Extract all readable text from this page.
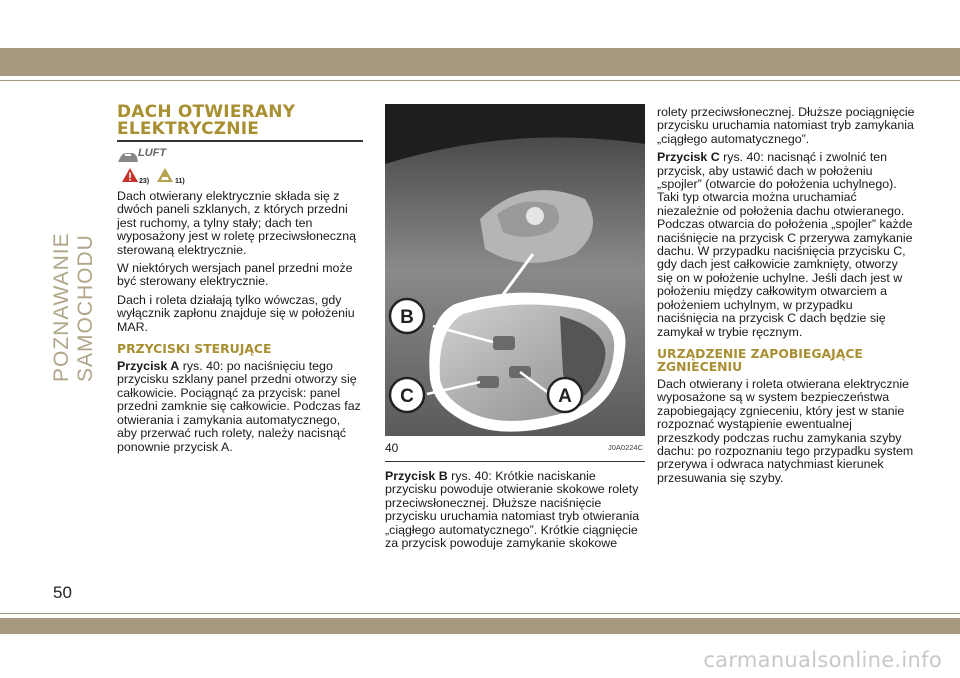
POZNAWANIE SAMOCHODU
DACH OTWIERANY
ELEKTRYCZNIE
LUFT
23)	11)

Dach otwierany elektrycznie składa się z dwóch paneli szklanych, z których przedni jest ruchomy, a tylny stały; dach ten wyposażony jest w roletę przeciwsłoneczną sterowaną elektrycznie.

W niektórych wersjach panel przedni może być sterowany elektrycznie.

Dach i roleta działają tylko wówczas, gdy wyłącznik zapłonu znajduje się w położeniu MAR.

PRZYCISKI STERUJĄCE

Przycisk A rys. 40: po naciśnięciu tego przycisku szklany panel przedni otworzy się całkowicie. Pociągnąć za przycisk: panel przedni zamknie się całkowicie. Podczas faz otwierania i zamykania automatycznego, aby przerwać ruch rolety, należy nacisnąć ponownie przycisk A.

B
C	A
40	J0A0224C

Przycisk B rys. 40: Krótkie naciskanie przycisku powoduje otwieranie skokowe rolety przeciwsłonecznej. Dłuższe naciśnięcie przycisku uruchamia natomiast tryb otwierania „ciągłego automatycznego”. Krótkie ciągnięcie za przycisk powoduje zamykanie skokowe

rolety przeciwsłonecznej. Dłuższe pociągnięcie przycisku uruchamia natomiast tryb zamykania „ciągłego automatycznego”.

Przycisk C rys. 40: nacisnąć i zwolnić ten przycisk, aby ustawić dach w położeniu „spojler” (otwarcie do położenia uchylnego). Taki typ otwarcia można uruchamiać niezależnie od położenia dachu otwieranego. Podczas otwarcia do położenia „spojler” każde naciśnięcie na przycisk C przerywa zamykanie dachu. W przypadku naciśnięcia przycisku C, gdy dach jest całkowicie zamknięty, otworzy się on w położenie uchylne. Jeśli dach jest w położeniu między całkowitym otwarciem a położeniem uchylnym, w przypadku naciśnięcia na przycisk C dach będzie się zamykał w trybie ręcznym.

URZĄDZENIE ZAPOBIEGAJĄCE
ZGNIECENIU

Dach otwierany i roleta otwierana elektrycznie wyposażone są w system bezpieczeństwa zapobiegający zgnieceniu, który jest w stanie rozpoznać wystąpienie ewentualnej przeszkody podczas ruchu zamykania szyby dachu: po rozpoznaniu tego przypadku system przerywa i odwraca natychmiast kierunek przesuwania się szyby.

50
carmanualsonline.info
